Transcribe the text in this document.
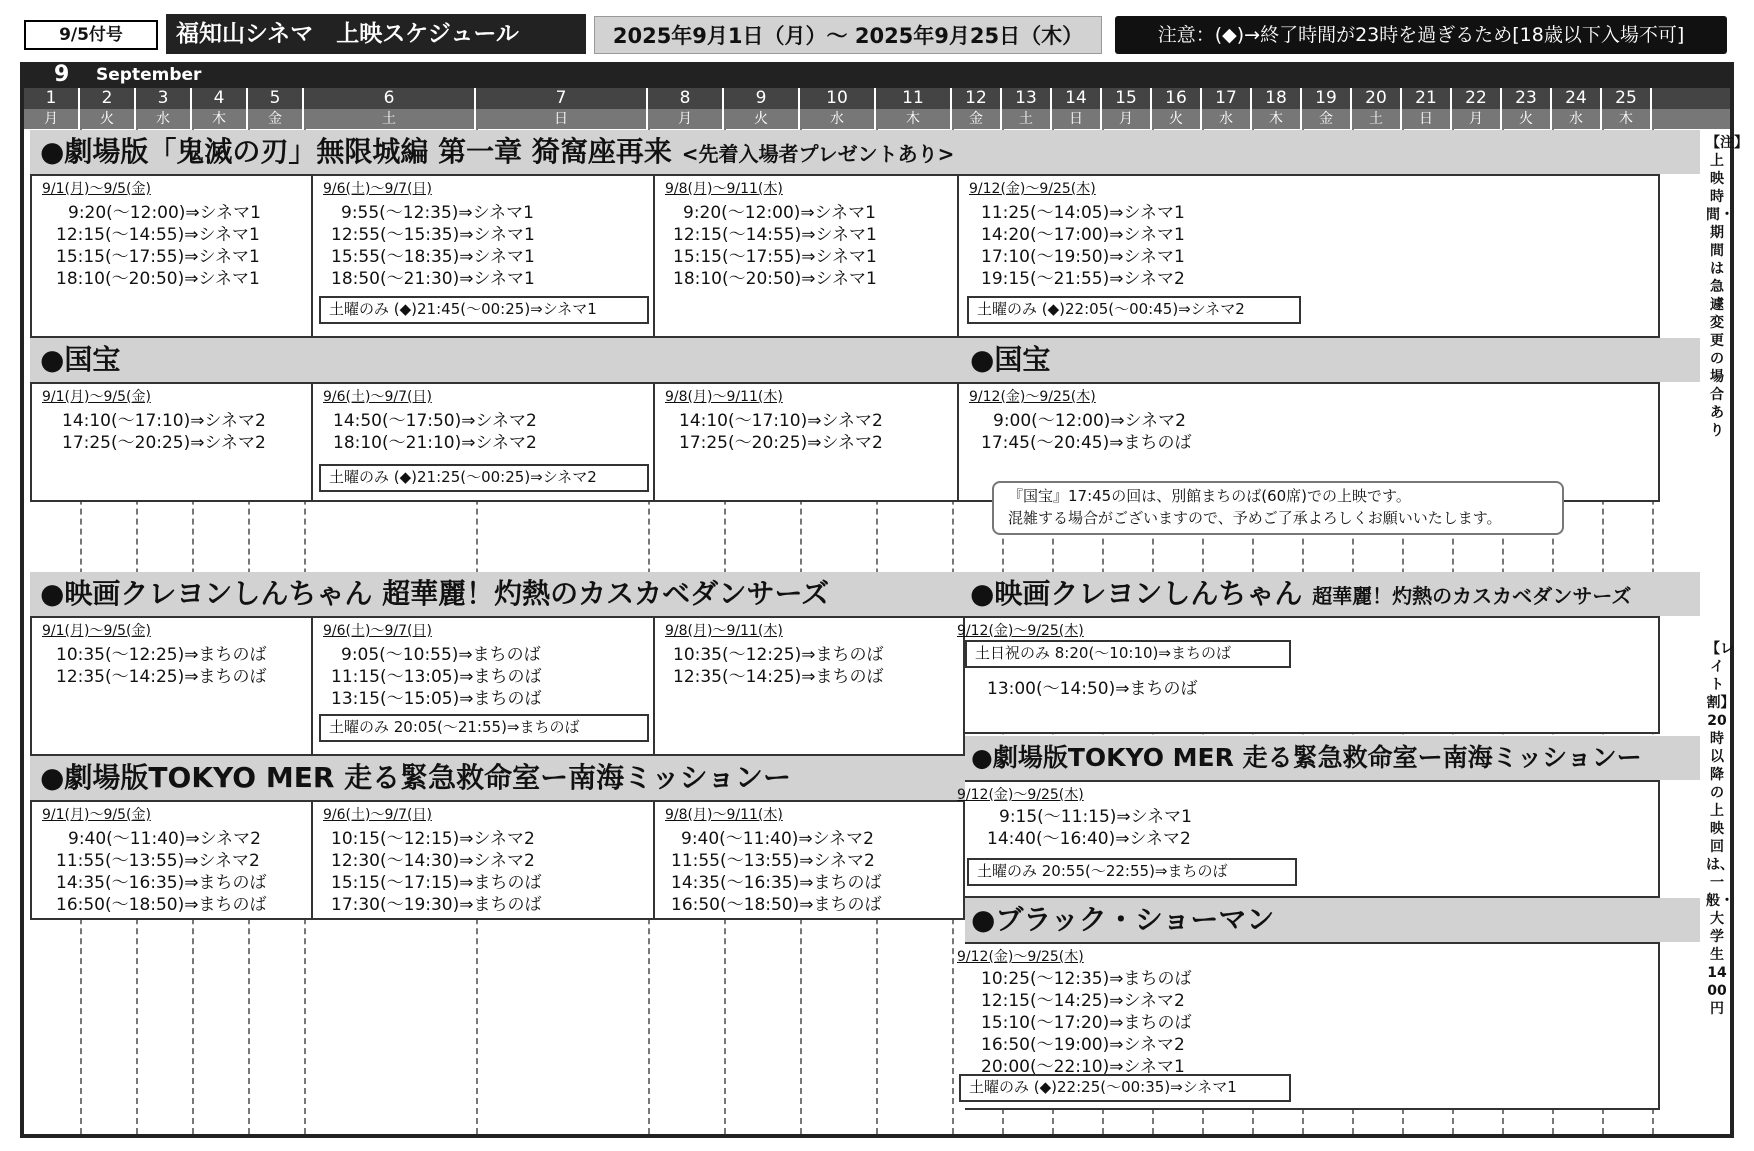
9/5付号	福知山シネマ　上映スケジュール	2025年9月1日（月）～ 2025年9月25日（木）	注意：(◆)→終了時間が23時を過ぎるため[18歳以下入場不可]
9 September
1	2	3	4	5	6	7	8	9	10	11	12	13	14	15	16	17	18	19	20	21	22	23	24	25
月	火	水	木	金	土	日	月	火	水	木	金	土	日	月	火	水	木	金	土	日	月	火	水	木
【注】上映時間・期間は急遽変更の場合あり
【レイト割】20時以降の上映回は、一般・大学生1400円
●劇場版「鬼滅の刃」無限城編 第一章 猗窩座再来 <先着入場者プレゼントあり>
9/1(月)～9/5(金)
9:20(～12:00)⇒シネマ1
12:15(～14:55)⇒シネマ1
15:15(～17:55)⇒シネマ1
18:10(～20:50)⇒シネマ1
9/6(土)～9/7(日)
9:55(～12:35)⇒シネマ1
12:55(～15:35)⇒シネマ1
15:55(～18:35)⇒シネマ1
18:50(～21:30)⇒シネマ1
土曜のみ (◆)21:45(～00:25)⇒シネマ1
9/8(月)～9/11(木)
9:20(～12:00)⇒シネマ1
12:15(～14:55)⇒シネマ1
15:15(～17:55)⇒シネマ1
18:10(～20:50)⇒シネマ1
9/12(金)～9/25(木)
11:25(～14:05)⇒シネマ1
14:20(～17:00)⇒シネマ1
17:10(～19:50)⇒シネマ1
19:15(～21:55)⇒シネマ2
土曜のみ (◆)22:05(～00:45)⇒シネマ2
●国宝	●国宝
9/1(月)～9/5(金)
14:10(～17:10)⇒シネマ2
17:25(～20:25)⇒シネマ2
9/6(土)～9/7(日)
14:50(～17:50)⇒シネマ2
18:10(～21:10)⇒シネマ2
土曜のみ (◆)21:25(～00:25)⇒シネマ2
9/8(月)～9/11(木)
14:10(～17:10)⇒シネマ2
17:25(～20:25)⇒シネマ2
9/12(金)～9/25(木)
9:00(～12:00)⇒シネマ2
17:45(～20:45)⇒まちのば
『国宝』17:45の回は、別館まちのば(60席)での上映です。
混雑する場合がございますので、予めご了承よろしくお願いいたします。
●映画クレヨンしんちゃん 超華麗！灼熱のカスカベダンサーズ	●映画クレヨンしんちゃん 超華麗！灼熱のカスカベダンサーズ
9/1(月)～9/5(金)
10:35(～12:25)⇒まちのば
12:35(～14:25)⇒まちのば
9/6(土)～9/7(日)
9:05(～10:55)⇒まちのば
11:15(～13:05)⇒まちのば
13:15(～15:05)⇒まちのば
土曜のみ 20:05(～21:55)⇒まちのば
9/8(月)～9/11(木)
10:35(～12:25)⇒まちのば
12:35(～14:25)⇒まちのば
9/12(金)～9/25(木)
土日祝のみ 8:20(～10:10)⇒まちのば
13:00(～14:50)⇒まちのば
●劇場版TOKYO MER 走る緊急救命室ー南海ミッションー
9/1(月)～9/5(金)
9:40(～11:40)⇒シネマ2
11:55(～13:55)⇒シネマ2
14:35(～16:35)⇒まちのば
16:50(～18:50)⇒まちのば
9/6(土)～9/7(日)
10:15(～12:15)⇒シネマ2
12:30(～14:30)⇒シネマ2
15:15(～17:15)⇒まちのば
17:30(～19:30)⇒まちのば
9/8(月)～9/11(木)
9:40(～11:40)⇒シネマ2
11:55(～13:55)⇒シネマ2
14:35(～16:35)⇒まちのば
16:50(～18:50)⇒まちのば
●劇場版TOKYO MER 走る緊急救命室ー南海ミッションー
9/12(金)～9/25(木)
9:15(～11:15)⇒シネマ1
14:40(～16:40)⇒シネマ2
土曜のみ 20:55(～22:55)⇒まちのば
●ブラック・ショーマン
9/12(金)～9/25(木)
10:25(～12:35)⇒まちのば
12:15(～14:25)⇒シネマ2
15:10(～17:20)⇒まちのば
16:50(～19:00)⇒シネマ2
20:00(～22:10)⇒シネマ1
土曜のみ (◆)22:25(～00:35)⇒シネマ1
